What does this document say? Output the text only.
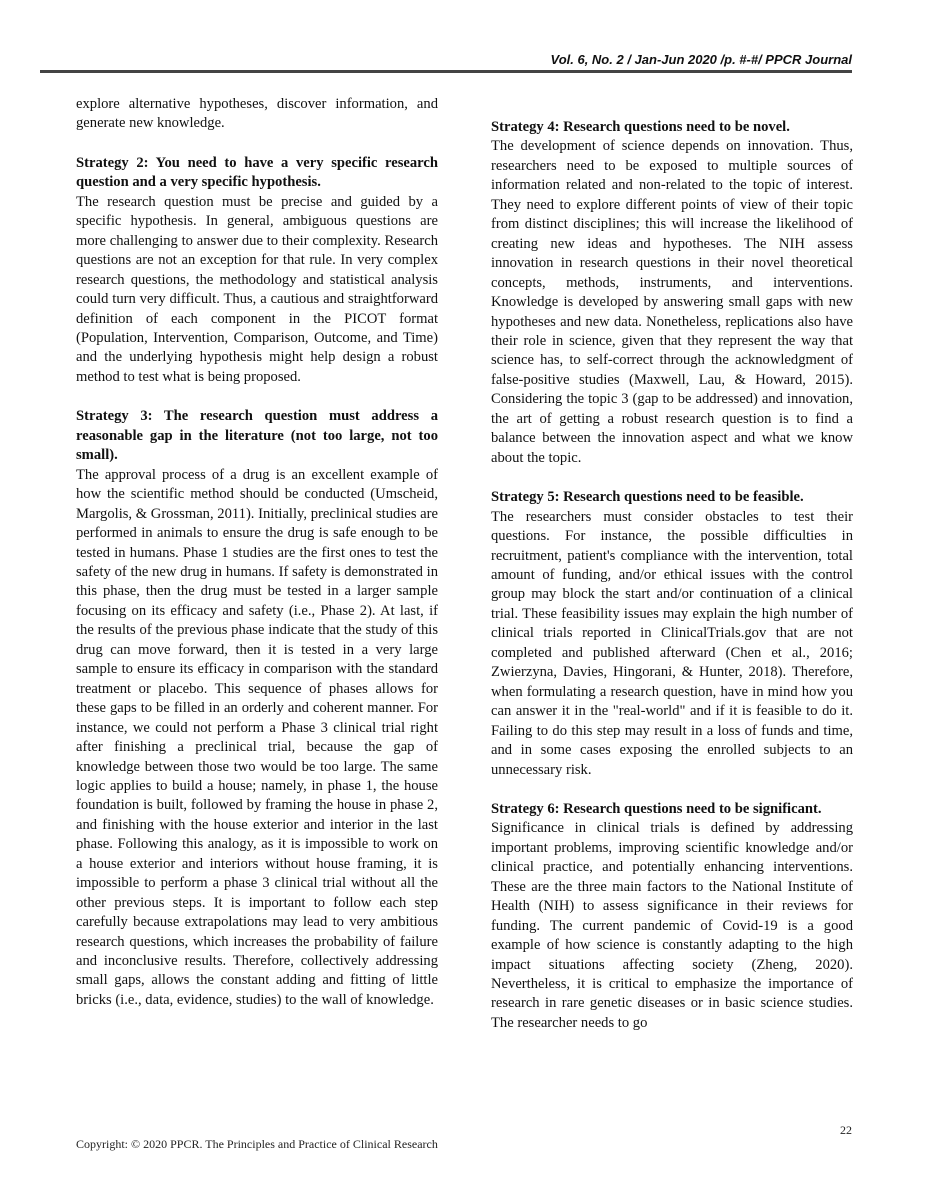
Vol. 6, No. 2 / Jan-Jun 2020 /p. #-#/ PPCR Journal

explore alternative hypotheses, discover information, and generate new knowledge.

Strategy 2: You need to have a very specific research question and a very specific hypothesis.

The research question must be precise and guided by a specific hypothesis. In general, ambiguous questions are more challenging to answer due to their complexity. Research questions are not an exception for that rule. In very complex research questions, the methodology and statistical analysis could turn very difficult. Thus, a cautious and straightforward definition of each component in the PICOT format (Population, Intervention, Comparison, Outcome, and Time) and the underlying hypothesis might help design a robust method to test what is being proposed.

Strategy 3: The research question must address a reasonable gap in the literature (not too large, not too small).

The approval process of a drug is an excellent example of how the scientific method should be conducted (Umscheid, Margolis, & Grossman, 2011). Initially, preclinical studies are performed in animals to ensure the drug is safe enough to be tested in humans. Phase 1 studies are the first ones to test the safety of the new drug in humans. If safety is demonstrated in this phase, then the drug must be tested in a larger sample focusing on its efficacy and safety (i.e., Phase 2). At last, if the results of the previous phase indicate that the study of this drug can move forward, then it is tested in a very large sample to ensure its efficacy in comparison with the standard treatment or placebo. This sequence of phases allows for these gaps to be filled in an orderly and coherent manner. For instance, we could not perform a Phase 3 clinical trial right after finishing a preclinical trial, because the gap of knowledge between those two would be too large. The same logic applies to build a house; namely, in phase 1, the house foundation is built, followed by framing the house in phase 2, and finishing with the house exterior and interior in the last phase. Following this analogy, as it is impossible to work on a house exterior and interiors without house framing, it is impossible to perform a phase 3 clinical trial without all the other previous steps. It is important to follow each step carefully because extrapolations may lead to very ambitious research questions, which increases the probability of failure and inconclusive results. Therefore, collectively addressing small gaps, allows the constant adding and fitting of little bricks (i.e., data, evidence, studies) to the wall of knowledge.

Strategy 4: Research questions need to be novel.

The development of science depends on innovation. Thus, researchers need to be exposed to multiple sources of information related and non-related to the topic of interest. They need to explore different points of view of their topic from distinct disciplines; this will increase the likelihood of creating new ideas and hypotheses. The NIH assess innovation in research questions in their novel theoretical concepts, methods, instruments, and interventions. Knowledge is developed by answering small gaps with new hypotheses and new data. Nonetheless, replications also have their role in science, given that they represent the way that science has, to self-correct through the acknowledgment of false-positive studies (Maxwell, Lau, & Howard, 2015). Considering the topic 3 (gap to be addressed) and innovation, the art of getting a robust research question is to find a balance between the innovation aspect and what we know about the topic.

Strategy 5: Research questions need to be feasible.

The researchers must consider obstacles to test their questions. For instance, the possible difficulties in recruitment, patient's compliance with the intervention, total amount of funding, and/or ethical issues with the control group may block the start and/or continuation of a clinical trial. These feasibility issues may explain the high number of clinical trials reported in ClinicalTrials.gov that are not completed and published afterward (Chen et al., 2016; Zwierzyna, Davies, Hingorani, & Hunter, 2018). Therefore, when formulating a research question, have in mind how you can answer it in the "real-world" and if it is feasible to do it. Failing to do this step may result in a loss of funds and time, and in some cases exposing the enrolled subjects to an unnecessary risk.

Strategy 6: Research questions need to be significant.

Significance in clinical trials is defined by addressing important problems, improving scientific knowledge and/or clinical practice, and potentially enhancing interventions. These are the three main factors to the National Institute of Health (NIH) to assess significance in their reviews for funding. The current pandemic of Covid-19 is a good example of how science is constantly adapting to the high impact situations affecting society (Zheng, 2020). Nevertheless, it is critical to emphasize the importance of research in rare genetic diseases or in basic science studies. The researcher needs to go

22
Copyright: © 2020 PPCR. The Principles and Practice of Clinical Research
